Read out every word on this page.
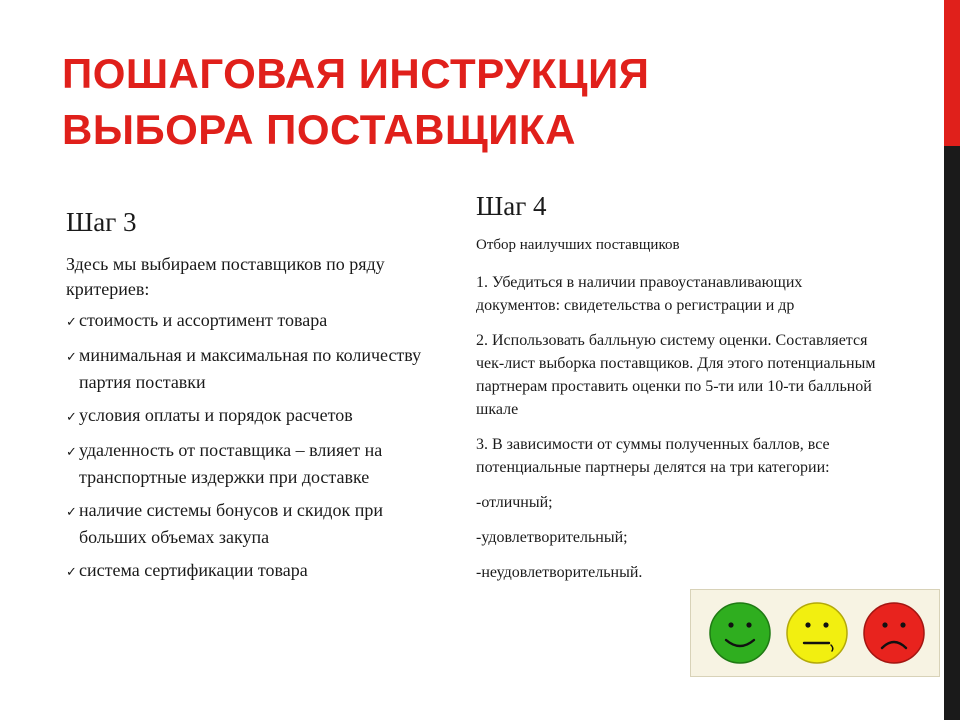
ПОШАГОВАЯ ИНСТРУКЦИЯ
ВЫБОРА ПОСТАВЩИКА

Шаг 3

Здесь мы выбираем поставщиков по ряду критериев:

✓ стоимость и ассортимент товара
✓ минимальная и максимальная по количеству партия поставки
✓ условия оплаты и порядок расчетов
✓ удаленность от поставщика – влияет на транспортные издержки при доставке
✓ наличие системы бонусов и скидок при больших объемах закупа
✓ система сертификации товара

Шаг 4

Отбор наилучших поставщиков

1. Убедиться в наличии правоустанавливающих документов: свидетельства о регистрации и др

2. Использовать балльную систему оценки. Составляется чек-лист выборка поставщиков. Для этого потенциальным партнерам проставить оценки по 5-ти или 10-ти балльной шкале

3. В зависимости от суммы полученных баллов, все потенциальные партнеры делятся на три категории:

-отличный;

-удовлетворительный;

-неудовлетворительный.
